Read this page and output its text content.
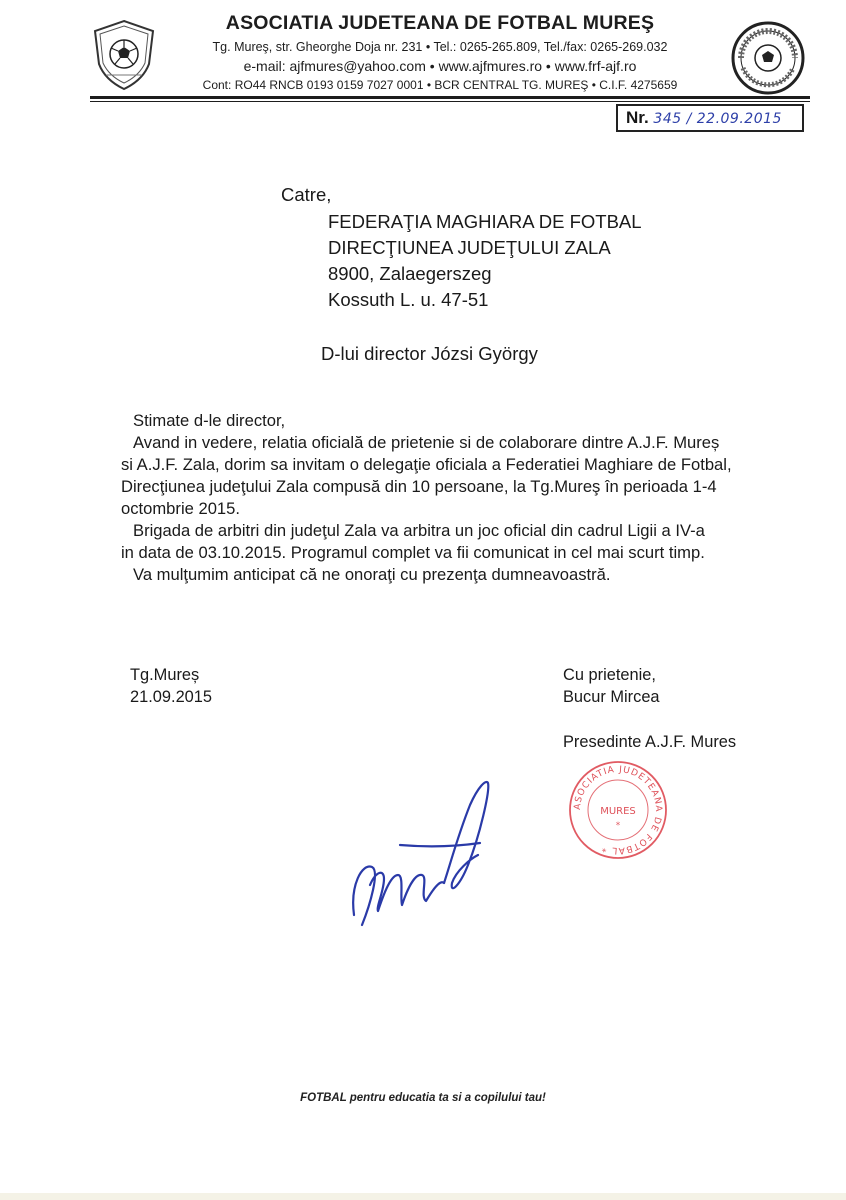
ASOCIATIA JUDETEANA DE FOTBAL MUREŞ
Tg. Mureş, str. Gheorghe Doja nr. 231 • Tel.: 0265-265.809, Tel./fax: 0265-269.032
e-mail: ajfmures@yahoo.com • www.ajfmures.ro • www.frf-ajf.ro
Cont: RO44 RNCB 0193 0159 7027 0001 • BCR CENTRAL TG. MUREŞ • C.I.F. 4275659
Nr. 345 / 22.09.2015
Catre,
FEDERAŢIA MAGHIARA DE FOTBAL
DIRECŢIUNEA JUDEŢULUI ZALA
8900, Zalaegerszeg
Kossuth L. u. 47-51
D-lui director Józsi György
Stimate d-le director,
Avand in vedere, relatia oficială de prietenie si de colaborare dintre A.J.F. Mureș
si A.J.F. Zala, dorim sa invitam o delegaţie oficiala a Federatiei Maghiare de Fotbal,
Direcţiunea judeţului Zala compusă din 10 persoane, la Tg.Mureş în perioada 1-4
octombrie 2015.
Brigada de arbitri din judeţul Zala va arbitra un joc oficial din cadrul Ligii a IV-a
in data de 03.10.2015. Programul complet va fii comunicat in cel mai scurt timp.
Va mulţumim anticipat că ne onoraţi cu prezenţa dumneavoastră.
Tg.Mureș
21.09.2015
Cu prietenie,
Bucur Mircea
Presedinte A.J.F. Mures
ASOCIATIA JUDETEANA DE FOTBAL *
MURES
*
FOTBAL pentru educatia ta si a copilului tau!
